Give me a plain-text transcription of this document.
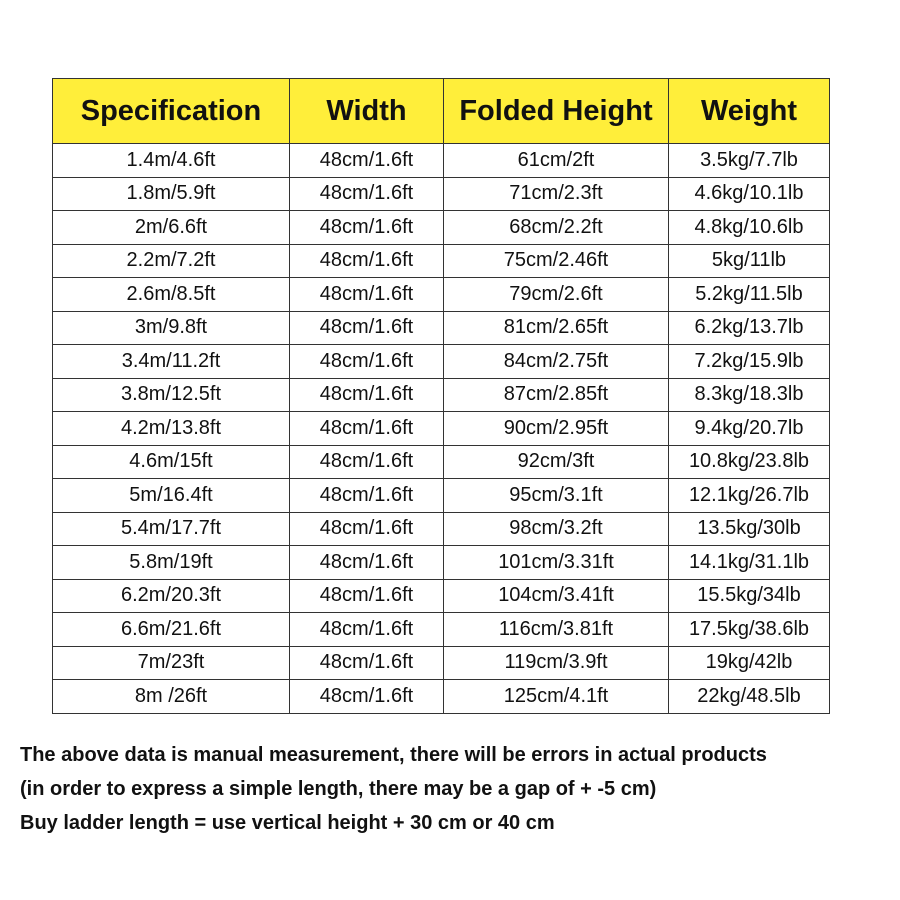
Specification	Width	Folded Height	Weight
1.4m/4.6ft	48cm/1.6ft	61cm/2ft	3.5kg/7.7lb
1.8m/5.9ft	48cm/1.6ft	71cm/2.3ft	4.6kg/10.1lb
2m/6.6ft	48cm/1.6ft	68cm/2.2ft	4.8kg/10.6lb
2.2m/7.2ft	48cm/1.6ft	75cm/2.46ft	5kg/11lb
2.6m/8.5ft	48cm/1.6ft	79cm/2.6ft	5.2kg/11.5lb
3m/9.8ft	48cm/1.6ft	81cm/2.65ft	6.2kg/13.7lb
3.4m/11.2ft	48cm/1.6ft	84cm/2.75ft	7.2kg/15.9lb
3.8m/12.5ft	48cm/1.6ft	87cm/2.85ft	8.3kg/18.3lb
4.2m/13.8ft	48cm/1.6ft	90cm/2.95ft	9.4kg/20.7lb
4.6m/15ft	48cm/1.6ft	92cm/3ft	10.8kg/23.8lb
5m/16.4ft	48cm/1.6ft	95cm/3.1ft	12.1kg/26.7lb
5.4m/17.7ft	48cm/1.6ft	98cm/3.2ft	13.5kg/30lb
5.8m/19ft	48cm/1.6ft	101cm/3.31ft	14.1kg/31.1lb
6.2m/20.3ft	48cm/1.6ft	104cm/3.41ft	15.5kg/34lb
6.6m/21.6ft	48cm/1.6ft	116cm/3.81ft	17.5kg/38.6lb
7m/23ft	48cm/1.6ft	119cm/3.9ft	19kg/42lb
8m /26ft	48cm/1.6ft	125cm/4.1ft	22kg/48.5lb
The above data is manual measurement, there will be errors in actual products
(in order to express a simple length, there may be a gap of + -5 cm)
Buy ladder length = use vertical height + 30 cm or 40 cm
